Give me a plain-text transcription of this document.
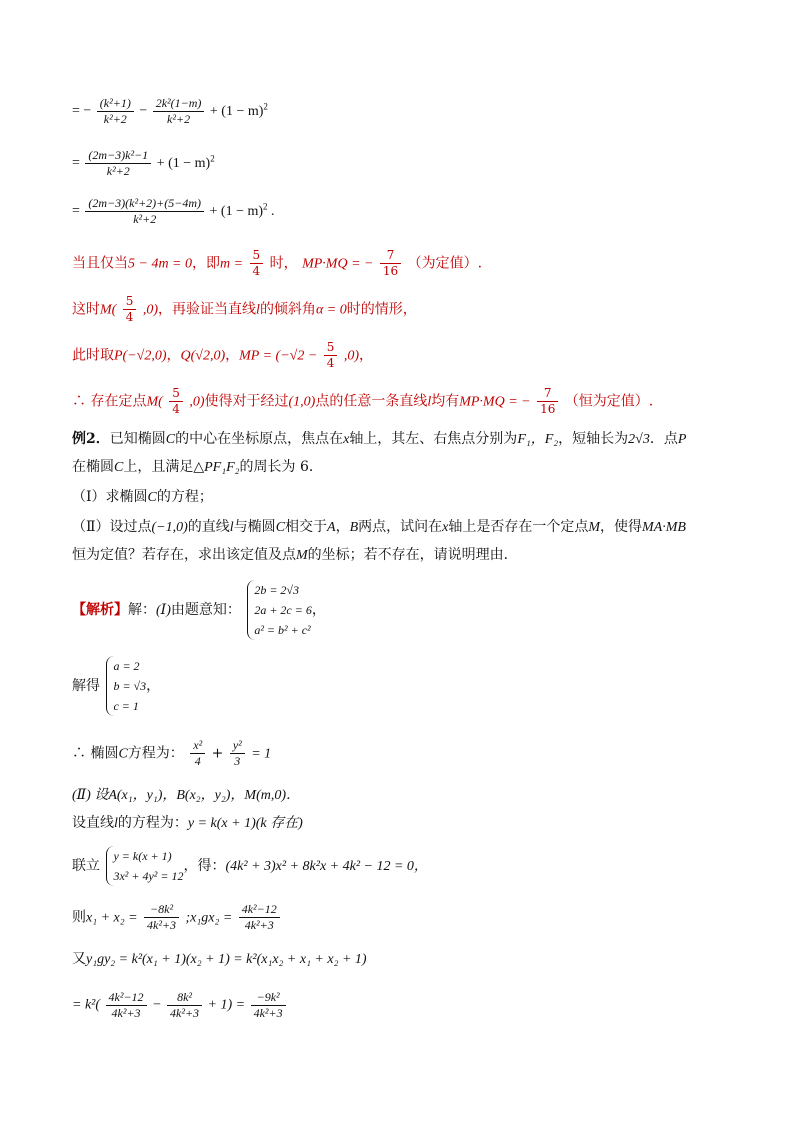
= − $\frac{\text{(k²+1)}}{\text{k²+2}} - \frac{\text{2k²(1−m)}}{\text{k²+2}} + (1 - m)^2$
= $\frac{\text{(2m−3)k²−1}}{\text{k²+2}} + (1 - m)^2$
= $\frac{\text{(2m−3)(k²+2)+(5−4m)}}{\text{k²+2}} + (1 - m)^2$ .
当且仅当5 − 4m = 0，即$m = \frac{5}{4}$ 时， MP·MQ = − $\frac{7}{16}$ （为定值）.
这时$M( \frac{5}{4} ,0)$，再验证当直线l的倾斜角α = 0时的情形，
此时取P(−√2,0)，Q(√2,0)，MP = $(-√2 - \frac{5}{4} ,0)$，
∴ 存在定点$M( \frac{5}{4} ,0)$使得对于经过(1,0)点的任意一条直线l均有MP·MQ = − $\frac{7}{16}$ （恒为定值）.
例2．已知椭圆C的中心在坐标原点，焦点在x轴上，其左、右焦点分别为F₁，F₂，短轴长为2√3．点P
在椭圆C上，且满足△PF₁F₂的周长为 6．
（Ⅰ）求椭圆C的方程；
（Ⅱ）设过点(−1,0)的直线l与椭圆C相交于A，B两点，试问在x轴上是否存在一个定点M，使得MA·MB
恒为定值？若存在，求出该定值及点M的坐标；若不存在，请说明理由．
【解析】解：(Ⅰ)由题意知：
2b = 2√3
2a + 2c = 6
a² = b² + c²
，
解得
a = 2
b = √3
c = 1
，
∴ 椭圆C方程为： $\frac{\text{x²}}{4} + \frac{\text{y²}}{3} = 1$
(Ⅱ) 设A(x₁，y₁)，B(x₂，y₂)，M(m,0)．
设直线l的方程为：y = k(x + 1)(k 存在)
联立
y = k(x + 1)
3x² + 4y² = 12
，得：(4k² + 3)x² + 8k²x + 4k² − 12 = 0，
则$x_1 + x_2 = \frac{\text{−8k²}}{\text{4k²+3}}$ ;x₁gx₂ = $\frac{\text{4k²−12}}{\text{4k²+3}}$
又y₁gy₂ = k²(x₁ + 1)(x₂ + 1) = k²(x₁x₂ + x₁ + x₂ + 1)
= $k^2( \frac{\text{4k²−12}}{\text{4k²+3}} - \frac{\text{8k²}}{\text{4k²+3}} + 1) = \frac{\text{−9k²}}{\text{4k²+3}}$
